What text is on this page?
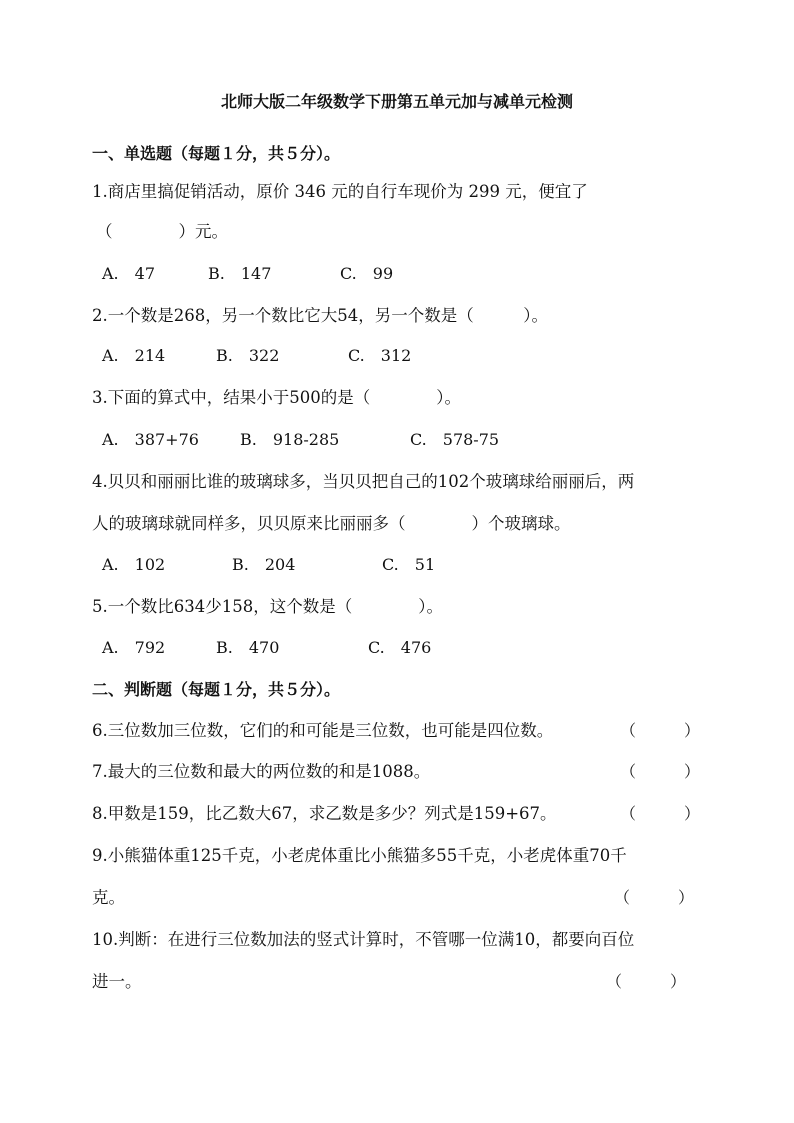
北师大版二年级数学下册第五单元加与减单元检测
一、单选题（每题１分，共５分）。
1.商店里搞促销活动，原价 346 元的自行车现价为 299 元，便宜了
（　　　　）元。
A.　47	B.　147	C.　99
2.一个数是268，另一个数比它大54，另一个数是（　　　）。
A.　214	B.　322	C.　312
3.下面的算式中，结果小于500的是（　　　　）。
A.　387+76	B.　918-285	C.　578-75
4.贝贝和丽丽比谁的玻璃球多，当贝贝把自己的102个玻璃球给丽丽后，两
人的玻璃球就同样多，贝贝原来比丽丽多（　　　　）个玻璃球。
A.　102	B.　204	C.　51
5.一个数比634少158，这个数是（　　　　）。
A.　792	B.　470	C.　476
二、判断题（每题１分，共５分）。
6.三位数加三位数，它们的和可能是三位数，也可能是四位数。	（　　　）
7.最大的三位数和最大的两位数的和是1088。	（　　　）
8.甲数是159，比乙数大67，求乙数是多少？列式是159+67。	（　　　）
9.小熊猫体重125千克，小老虎体重比小熊猫多55千克，小老虎体重70千
克。	（　　　）
10.判断：在进行三位数加法的竖式计算时，不管哪一位满10，都要向百位
进一。	（　　　）
